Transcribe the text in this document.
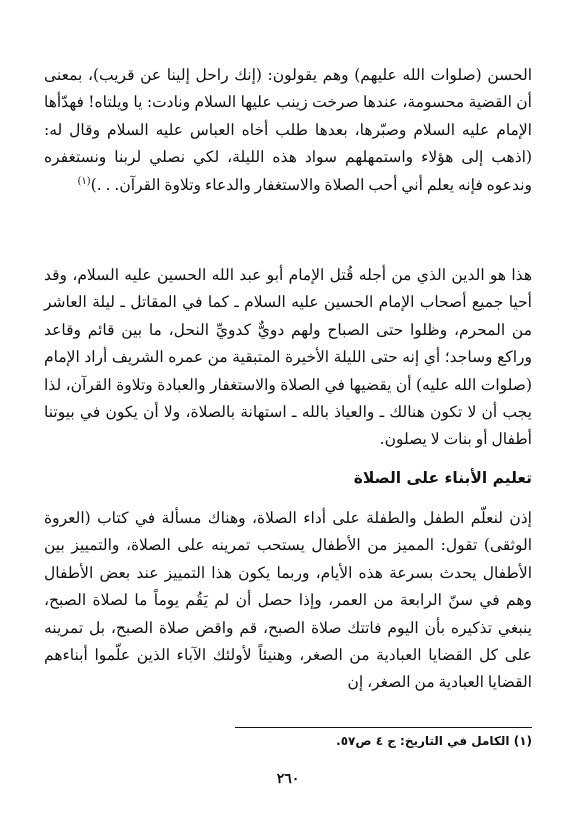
الحسن (صلوات الله عليهم) وهم يقولون: (إنك راحل إلينا عن قريب)، بمعنى أن القضية محسومة، عندها صرخت زينب عليها السلام ونادت: يا ويلتاه! فهدّأها الإمام عليه السلام وصبّرها، بعدها طلب أخاه العباس عليه السلام وقال له: (اذهب إلى هؤلاء واستمهلهم سواد هذه الليلة، لكي نصلي لربنا ونستغفره وندعوه فإنه يعلم أني أحب الصلاة والاستغفار والدعاء وتلاوة القرآن. . .)$^{(١)}$

هذا هو الدين الذي من أجله قُتل الإمام أبو عبد الله الحسين عليه السلام، وقد أحيا جميع أصحاب الإمام الحسين عليه السلام ـ كما في المقاتل ـ ليلة العاشر من المحرم، وظلوا حتى الصباح ولهم دويٌّ كدويِّ النحل، ما بين قائم وقاعد وراكع وساجد؛ أي إنه حتى الليلة الأخيرة المتبقية من عمره الشريف أراد الإمام (صلوات الله عليه) أن يقضيها في الصلاة والاستغفار والعبادة وتلاوة القرآن، لذا يجب أن لا تكون هنالك ـ والعياذ بالله ـ استهانة بالصلاة، ولا أن يكون في بيوتنا أطفال أو بنات لا يصلون.

تعليم الأبناء على الصلاة

إذن لنعلّم الطفل والطفلة على أداء الصلاة، وهناك مسألة في كتاب (العروة الوثقى) تقول: المميز من الأطفال يستحب تمرينه على الصلاة، والتمييز بين الأطفال يحدث بسرعة هذه الأيام، وربما يكون هذا التمييز عند بعض الأطفال وهم في سنّ الرابعة من العمر، وإذا حصل أن لم يَقُم يوماً ما لصلاة الصبح، ينبغي تذكيره بأن اليوم فاتتك صلاة الصبح، قم واقض صلاة الصبح، بل تمرينه على كل القضايا العبادية من الصغر، وهنيئاً لأولئك الآباء الذين علّموا أبناءهم القضايا العبادية من الصغر، إن

(١) الكامل في التاريخ: ج ٤ ص٥٧.
٢٦٠
